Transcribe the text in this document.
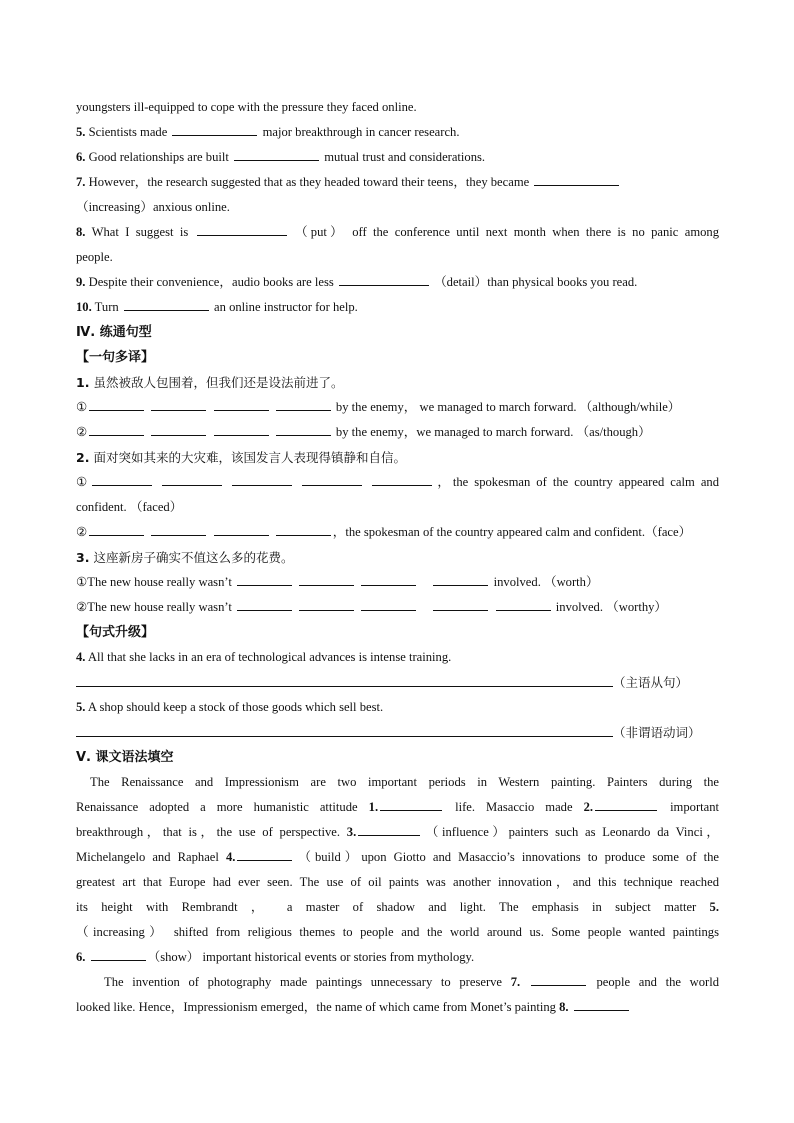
youngsters ill-equipped to cope with the pressure they faced online.
5. Scientists made	major breakthrough in cancer research.
6. Good relationships are built	mutual trust and considerations.
7. However，the research suggested that as they headed toward their teens，they became
（increasing）anxious online.
8. What I suggest is	（put） off the conference until next month when there is no panic among
people.
9. Despite their convenience，audio books are less	（detail）than physical books you read.
10. Turn	an online instructor for help.
Ⅳ. 练通句型
【一句多译】
1. 虽然被敌人包围着，但我们还是设法前进了。
①	by the enemy， we managed to march forward. （although/while）
②	by the enemy，we managed to march forward. （as/though）
2. 面对突如其来的大灾难，该国发言人表现得镇静和自信。
①	，the spokesman of the country appeared calm and
confident. （faced）
②	，the spokesman of the country appeared calm and confident.（face）
3. 这座新房子确实不值这么多的花费。
①The new house really wasn’t	involved. （worth）
②The new house really wasn’t	involved. （worthy）
【句式升级】
4. All that she lacks in an era of technological advances is intense training.
（主语从句）
5. A shop should keep a stock of those goods which sell best.
（非谓语动词）
Ⅴ. 课文语法填空
The Renaissance and Impressionism are two important periods in Western painting. Painters during the
Renaissance adopted a more humanistic attitude 1.	life. Masaccio made 2.	important
breakthrough，that is，the use of perspective. 3.	（influence）painters such as Leonardo da Vinci，
Michelangelo and Raphael 4.	（build）upon Giotto and Masaccio’s innovations to produce some of the
greatest art that Europe had ever seen. The use of oil paints was another innovation，and this technique reached
its height with Rembrandt ， a master of shadow and light. The emphasis in subject matter 5.
（increasing） shifted from religious themes to people and the world around us. Some people wanted paintings
6.	（show） important historical events or stories from mythology.
The invention of photography made paintings unnecessary to preserve 7.	people and the world
looked like. Hence，Impressionism emerged，the name of which came from Monet’s painting 8.
